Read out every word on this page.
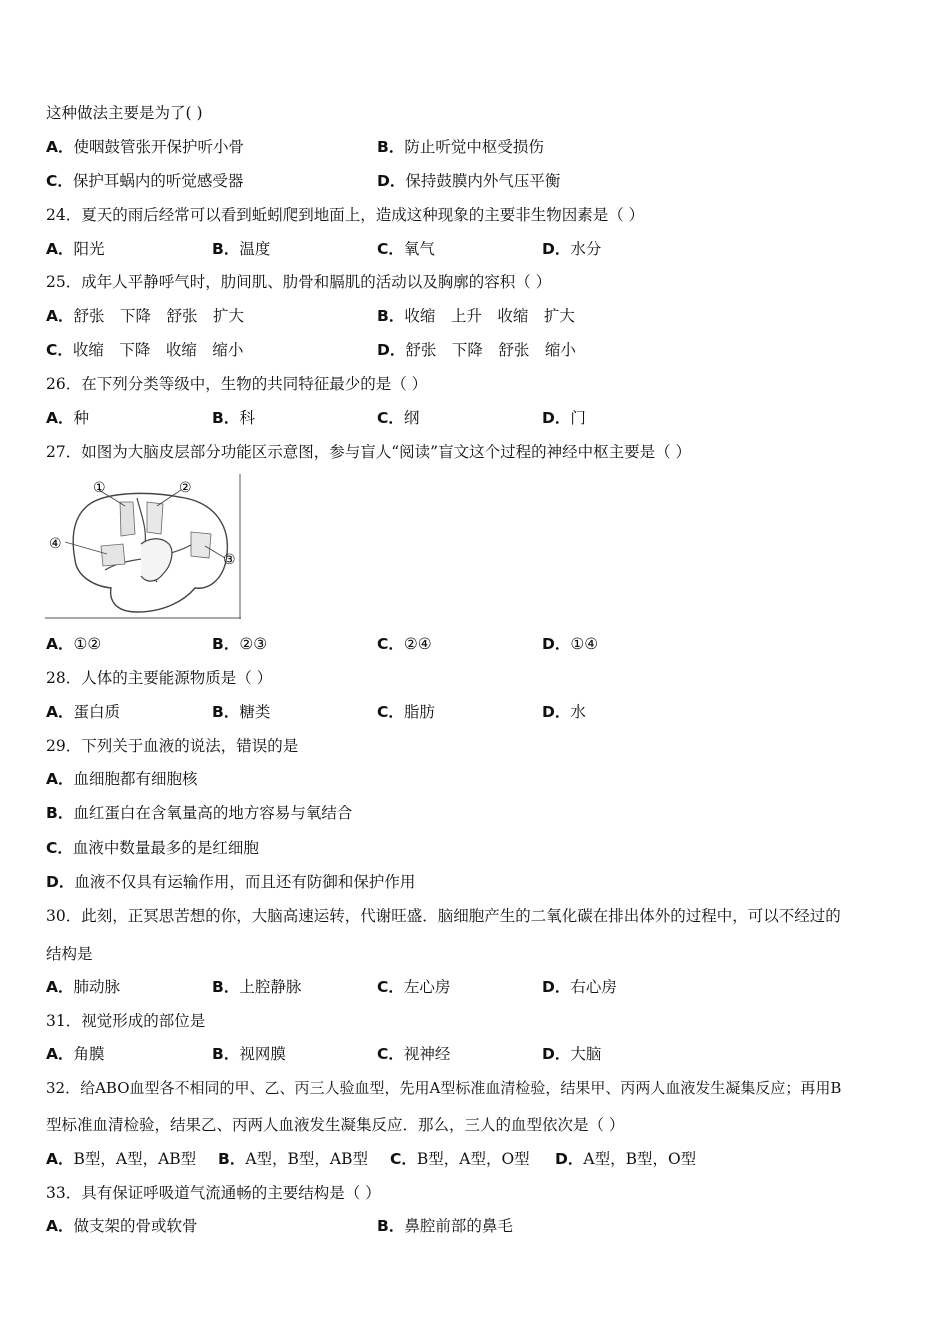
这种做法主要是为了( )
A．使咽鼓管张开保护听小骨	B．防止听觉中枢受损伤
C．保护耳蜗内的听觉感受器	D．保持鼓膜内外气压平衡
24．夏天的雨后经常可以看到蚯蚓爬到地面上，造成这种现象的主要非生物因素是（ ）
A．阳光	B．温度	C．氧气	D．水分
25．成年人平静呼气时，肋间肌、肋骨和膈肌的活动以及胸廓的容积（ ）
A．舒张　下降　舒张　扩大	B．收缩　上升　收缩　扩大
C．收缩　下降　收缩　缩小	D．舒张　下降　舒张　缩小
26．在下列分类等级中，生物的共同特征最少的是（ ）
A．种	B．科	C．纲	D．门
27．如图为大脑皮层部分功能区示意图，参与盲人“阅读”盲文这个过程的神经中枢主要是（ ）
①	②
③
④
A．①②	B．②③	C．②④	D．①④
28．人体的主要能源物质是（ ）
A．蛋白质	B．糖类	C．脂肪	D．水
29．下列关于血液的说法，错误的是
A．血细胞都有细胞核
B．血红蛋白在含氧量高的地方容易与氧结合
C．血液中数量最多的是红细胞
D．血液不仅具有运输作用，而且还有防御和保护作用
30．此刻，正冥思苦想的你，大脑高速运转，代谢旺盛．脑细胞产生的二氧化碳在排出体外的过程中，可以不经过的
结构是
A．肺动脉	B．上腔静脉	C．左心房	D．右心房
31．视觉形成的部位是
A．角膜	B．视网膜	C．视神经	D．大脑
32．给ABO血型各不相同的甲、乙、丙三人验血型，先用A型标准血清检验，结果甲、丙两人血液发生凝集反应；再用B
型标准血清检验，结果乙、丙两人血液发生凝集反应．那么，三人的血型依次是（ ）
A．B型，A型，AB型 B．A型，B型，AB型 C．B型，A型，O型 D．A型，B型，O型
33．具有保证呼吸道气流通畅的主要结构是（ ）
A．做支架的骨或软骨	B．鼻腔前部的鼻毛
